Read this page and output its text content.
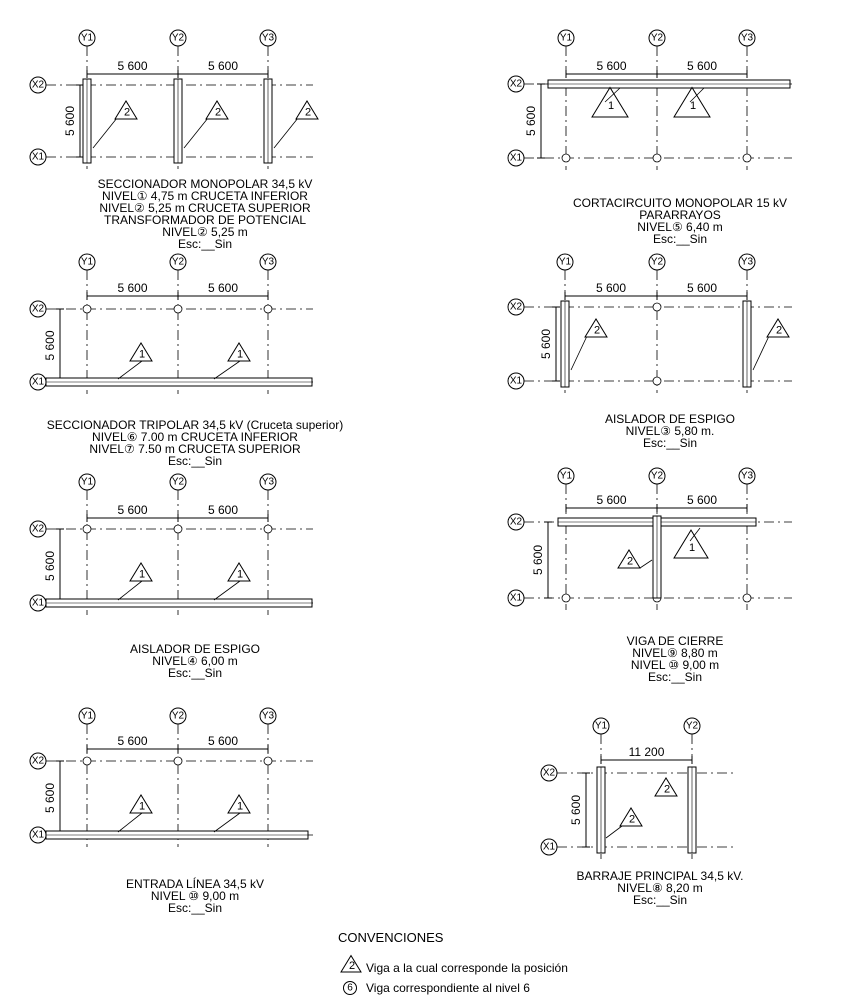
Y1	Y2	Y3
X2
X1
5 600	5 600
5 600	2	2	2
Y1	Y2	Y3
X2
X1
5 600	5 600
5 600	1	1
Y1	Y2	Y3
X2
X1
5 600	5 600
5 600	1	1
Y1	Y2	Y3
X2
X1
5 600	5 600
5 600	2	2
Y1	Y2	Y3
X2
X1
5 600	5 600
5 600	1	1
Y1	Y2	Y3
X2
X1
5 600	5 600
5 600	2
1
Y1	Y2	Y3
X2
X1
5 600	5 600
5 600	1	1
Y1	Y2
X2
X1
11 200
5 600	2
2
2
6
SECCIONADOR MONOPOLAR 34,5 kV
NIVEL① 4,75 m CRUCETA INFERIOR
NIVEL② 5,25 m CRUCETA SUPERIOR
TRANSFORMADOR DE POTENCIAL
NIVEL② 5,25 m
Esc:__Sin
CORTACIRCUITO MONOPOLAR 15 kV
PARARRAYOS
NIVEL⑤ 6,40 m
Esc:__Sin
SECCIONADOR TRIPOLAR 34,5 kV (Cruceta superior)
NIVEL⑥ 7.00 m CRUCETA INFERIOR
NIVEL⑦ 7.50 m CRUCETA SUPERIOR
Esc:__Sin
AISLADOR DE ESPIGO
NIVEL③ 5,80 m.
Esc:__Sin
AISLADOR DE ESPIGO
NIVEL④ 6,00 m
Esc:__Sin
VIGA DE CIERRE
NIVEL⑨ 8,80 m
NIVEL ⑩ 9,00 m
Esc:__Sin
ENTRADA LÍNEA 34,5 kV
NIVEL ⑩ 9,00 m
Esc:__Sin
BARRAJE PRINCIPAL 34,5 kV.
NIVEL⑧ 8,20 m
Esc:__Sin
CONVENCIONES
Viga a la cual corresponde la posición
Viga correspondiente al nivel 6
